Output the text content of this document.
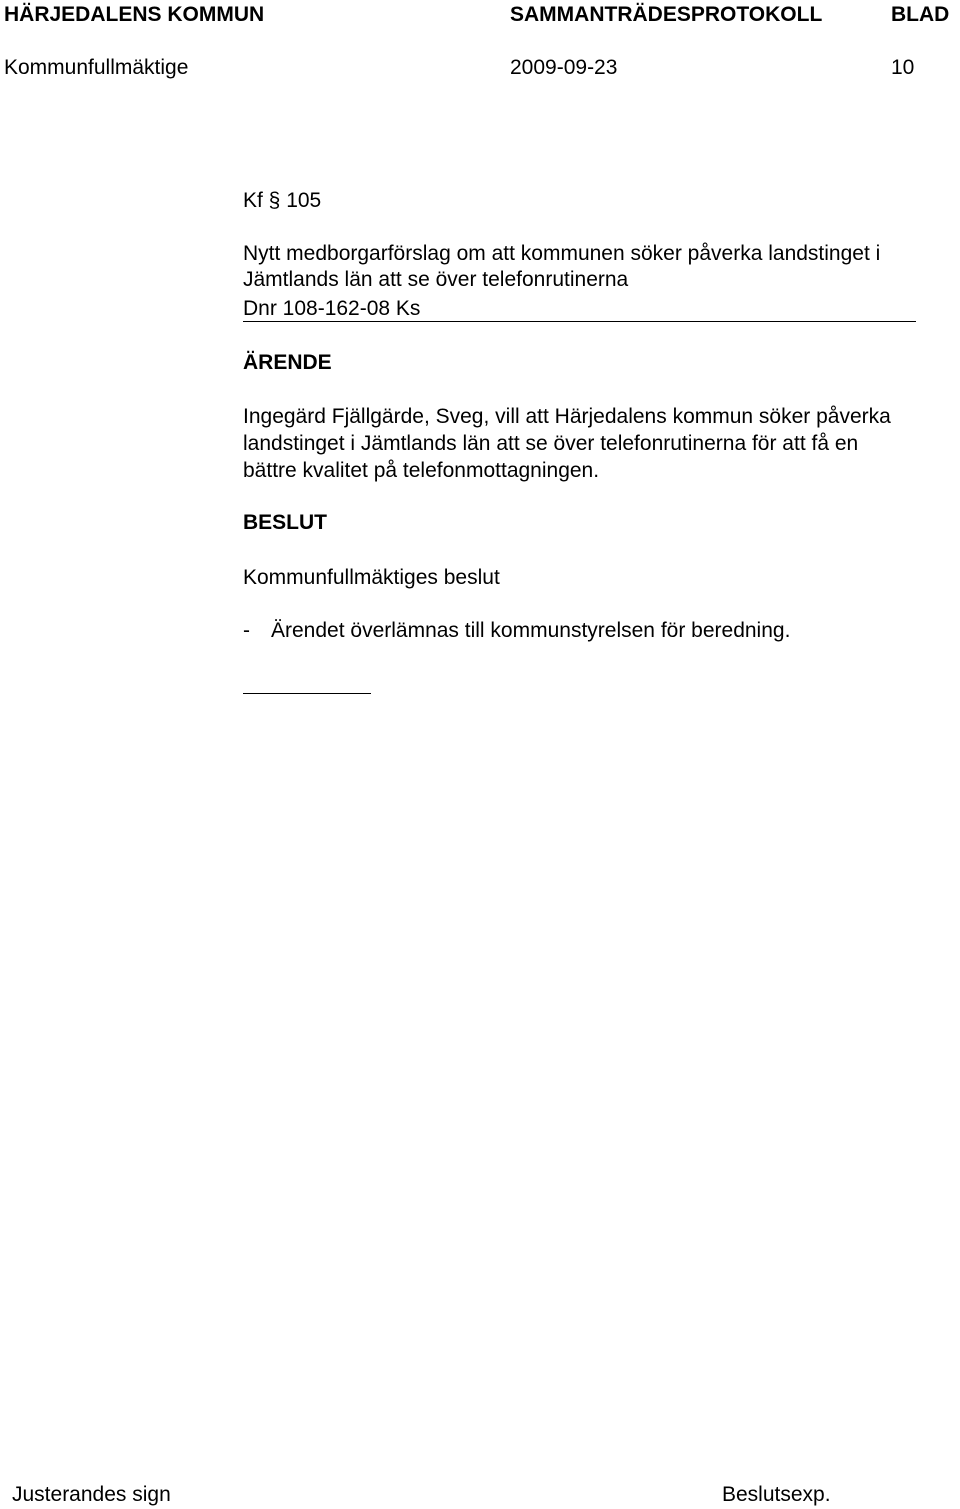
HÄRJEDALENS KOMMUN	SAMMANTRÄDESPROTOKOLL	BLAD
Kommunfullmäktige	2009-09-23	10
Kf § 105
Nytt medborgarförslag om att kommunen söker påverka landstinget i
Jämtlands län att se över telefonrutinerna
Dnr 108-162-08 Ks
ÄRENDE
Ingegärd Fjällgärde, Sveg, vill att Härjedalens kommun söker påverka
landstinget i Jämtlands län att se över telefonrutinerna för att få en
bättre kvalitet på telefonmottagningen.
BESLUT
Kommunfullmäktiges beslut
- Ärendet överlämnas till kommunstyrelsen för beredning.
Justerandes sign	Beslutsexp.
